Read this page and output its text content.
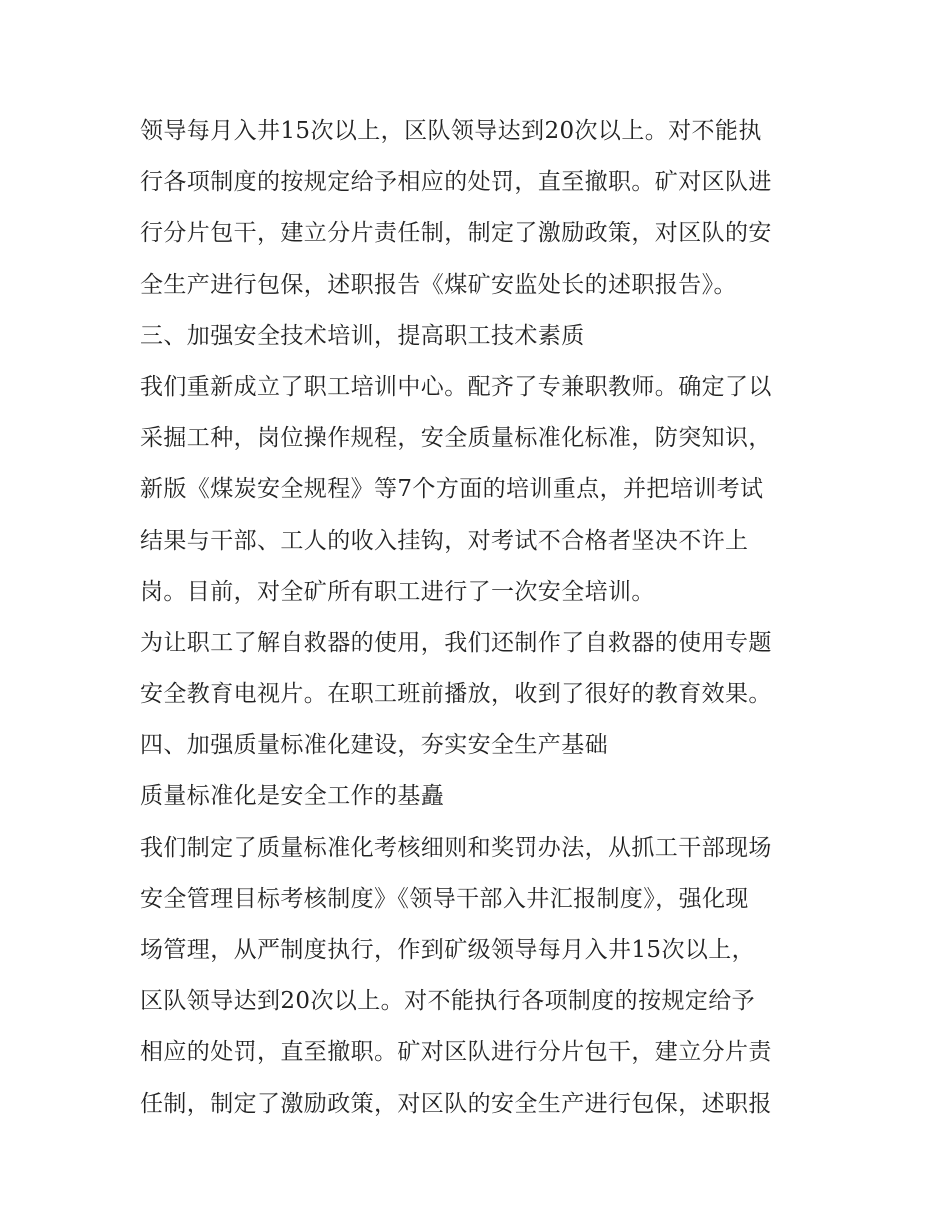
领导每月入井15次以上，区队领导达到20次以上。对不能执
行各项制度的按规定给予相应的处罚，直至撤职。矿对区队进
行分片包干，建立分片责任制，制定了激励政策，对区队的安
全生产进行包保，述职报告《煤矿安监处长的述职报告》。
三、加强安全技术培训，提高职工技术素质
我们重新成立了职工培训中心。配齐了专兼职教师。确定了以
采掘工种，岗位操作规程，安全质量标准化标准，防突知识，
新版《煤炭安全规程》等7个方面的培训重点，并把培训考试
结果与干部、工人的收入挂钩，对考试不合格者坚决不许上
岗。目前，对全矿所有职工进行了一次安全培训。
为让职工了解自救器的使用，我们还制作了自救器的使用专题
安全教育电视片。在职工班前播放，收到了很好的教育效果。
四、加强质量标准化建设，夯实安全生产基础
质量标准化是安全工作的基矗
我们制定了质量标准化考核细则和奖罚办法，从抓工干部现场
安全管理目标考核制度》《领导干部入井汇报制度》，强化现
场管理，从严制度执行，作到矿级领导每月入井15次以上，
区队领导达到20次以上。对不能执行各项制度的按规定给予
相应的处罚，直至撤职。矿对区队进行分片包干，建立分片责
任制，制定了激励政策，对区队的安全生产进行包保，述职报
